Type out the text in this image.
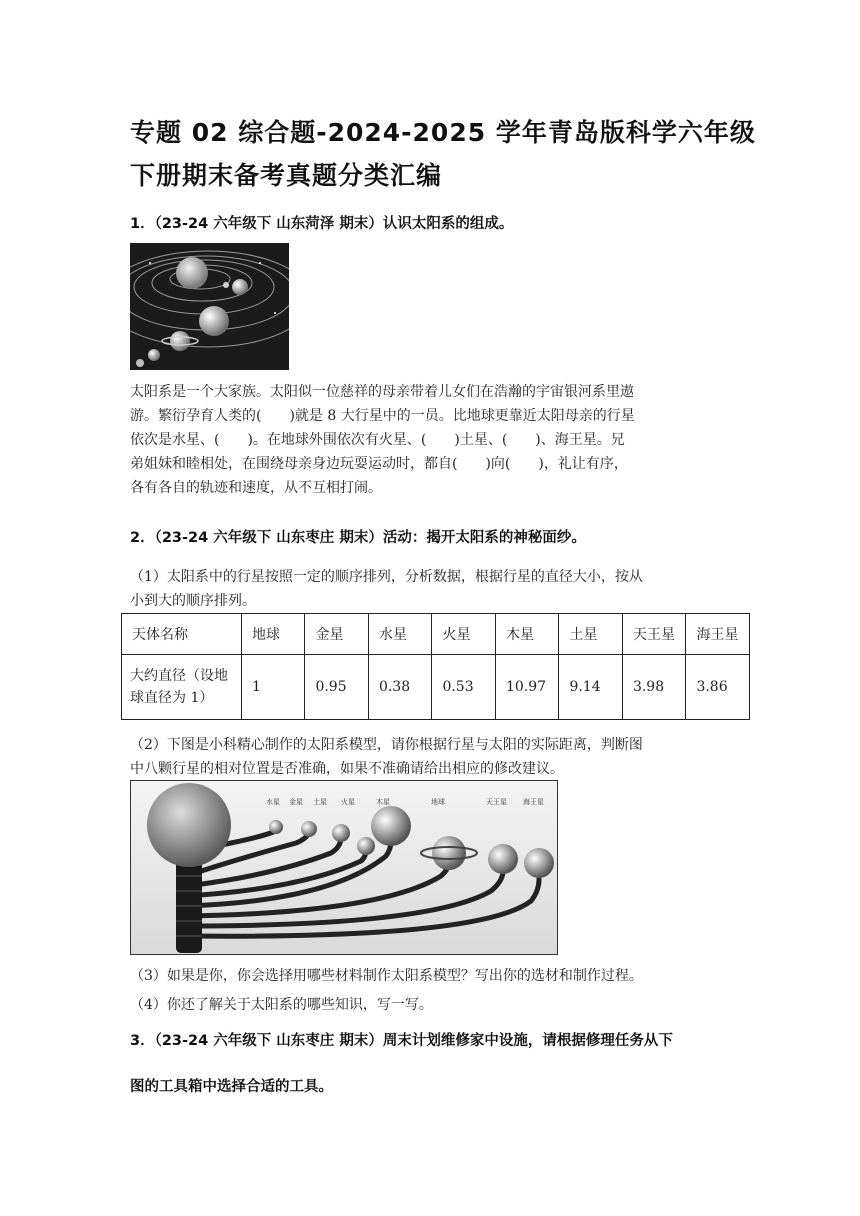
专题 02 综合题-2024-2025 学年青岛版科学六年级
下册期末备考真题分类汇编
1．（23-24 六年级下 山东菏泽 期末）认识太阳系的组成。
太阳系是一个大家族。太阳似一位慈祥的母亲带着儿女们在浩瀚的宇宙银河系里遨
游。繁衍孕育人类的(　　)就是 8 大行星中的一员。比地球更靠近太阳母亲的行星
依次是水星、(　　)。在地球外围依次有火星、(　　)土星、(　　)、海王星。兄
弟姐妹和睦相处，在围绕母亲身边玩耍运动时，都自(　　)向(　　)，礼让有序，
各有各自的轨迹和速度，从不互相打闹。
2．（23-24 六年级下 山东枣庄 期末）活动：揭开太阳系的神秘面纱。
（1）太阳系中的行星按照一定的顺序排列，分析数据，根据行星的直径大小，按从
小到大的顺序排列。
天体名称	地球	金星	水星	火星	木星	土星	天王星	海王星

大约直径（设地
球直径为 1）	1	0.95	0.38	0.53	10.97	9.14	3.98	3.86
（2）下图是小科精心制作的太阳系模型，请你根据行星与太阳的实际距离，判断图
中八颗行星的相对位置是否准确，如果不准确请给出相应的修改建议。
水星 金星 土星 火星	木星	地球	天王星 海王星
（3）如果是你，你会选择用哪些材料制作太阳系模型？写出你的选材和制作过程。
（4）你还了解关于太阳系的哪些知识，写一写。
3．（23-24 六年级下 山东枣庄 期末）周末计划维修家中设施，请根据修理任务从下
图的工具箱中选择合适的工具。
